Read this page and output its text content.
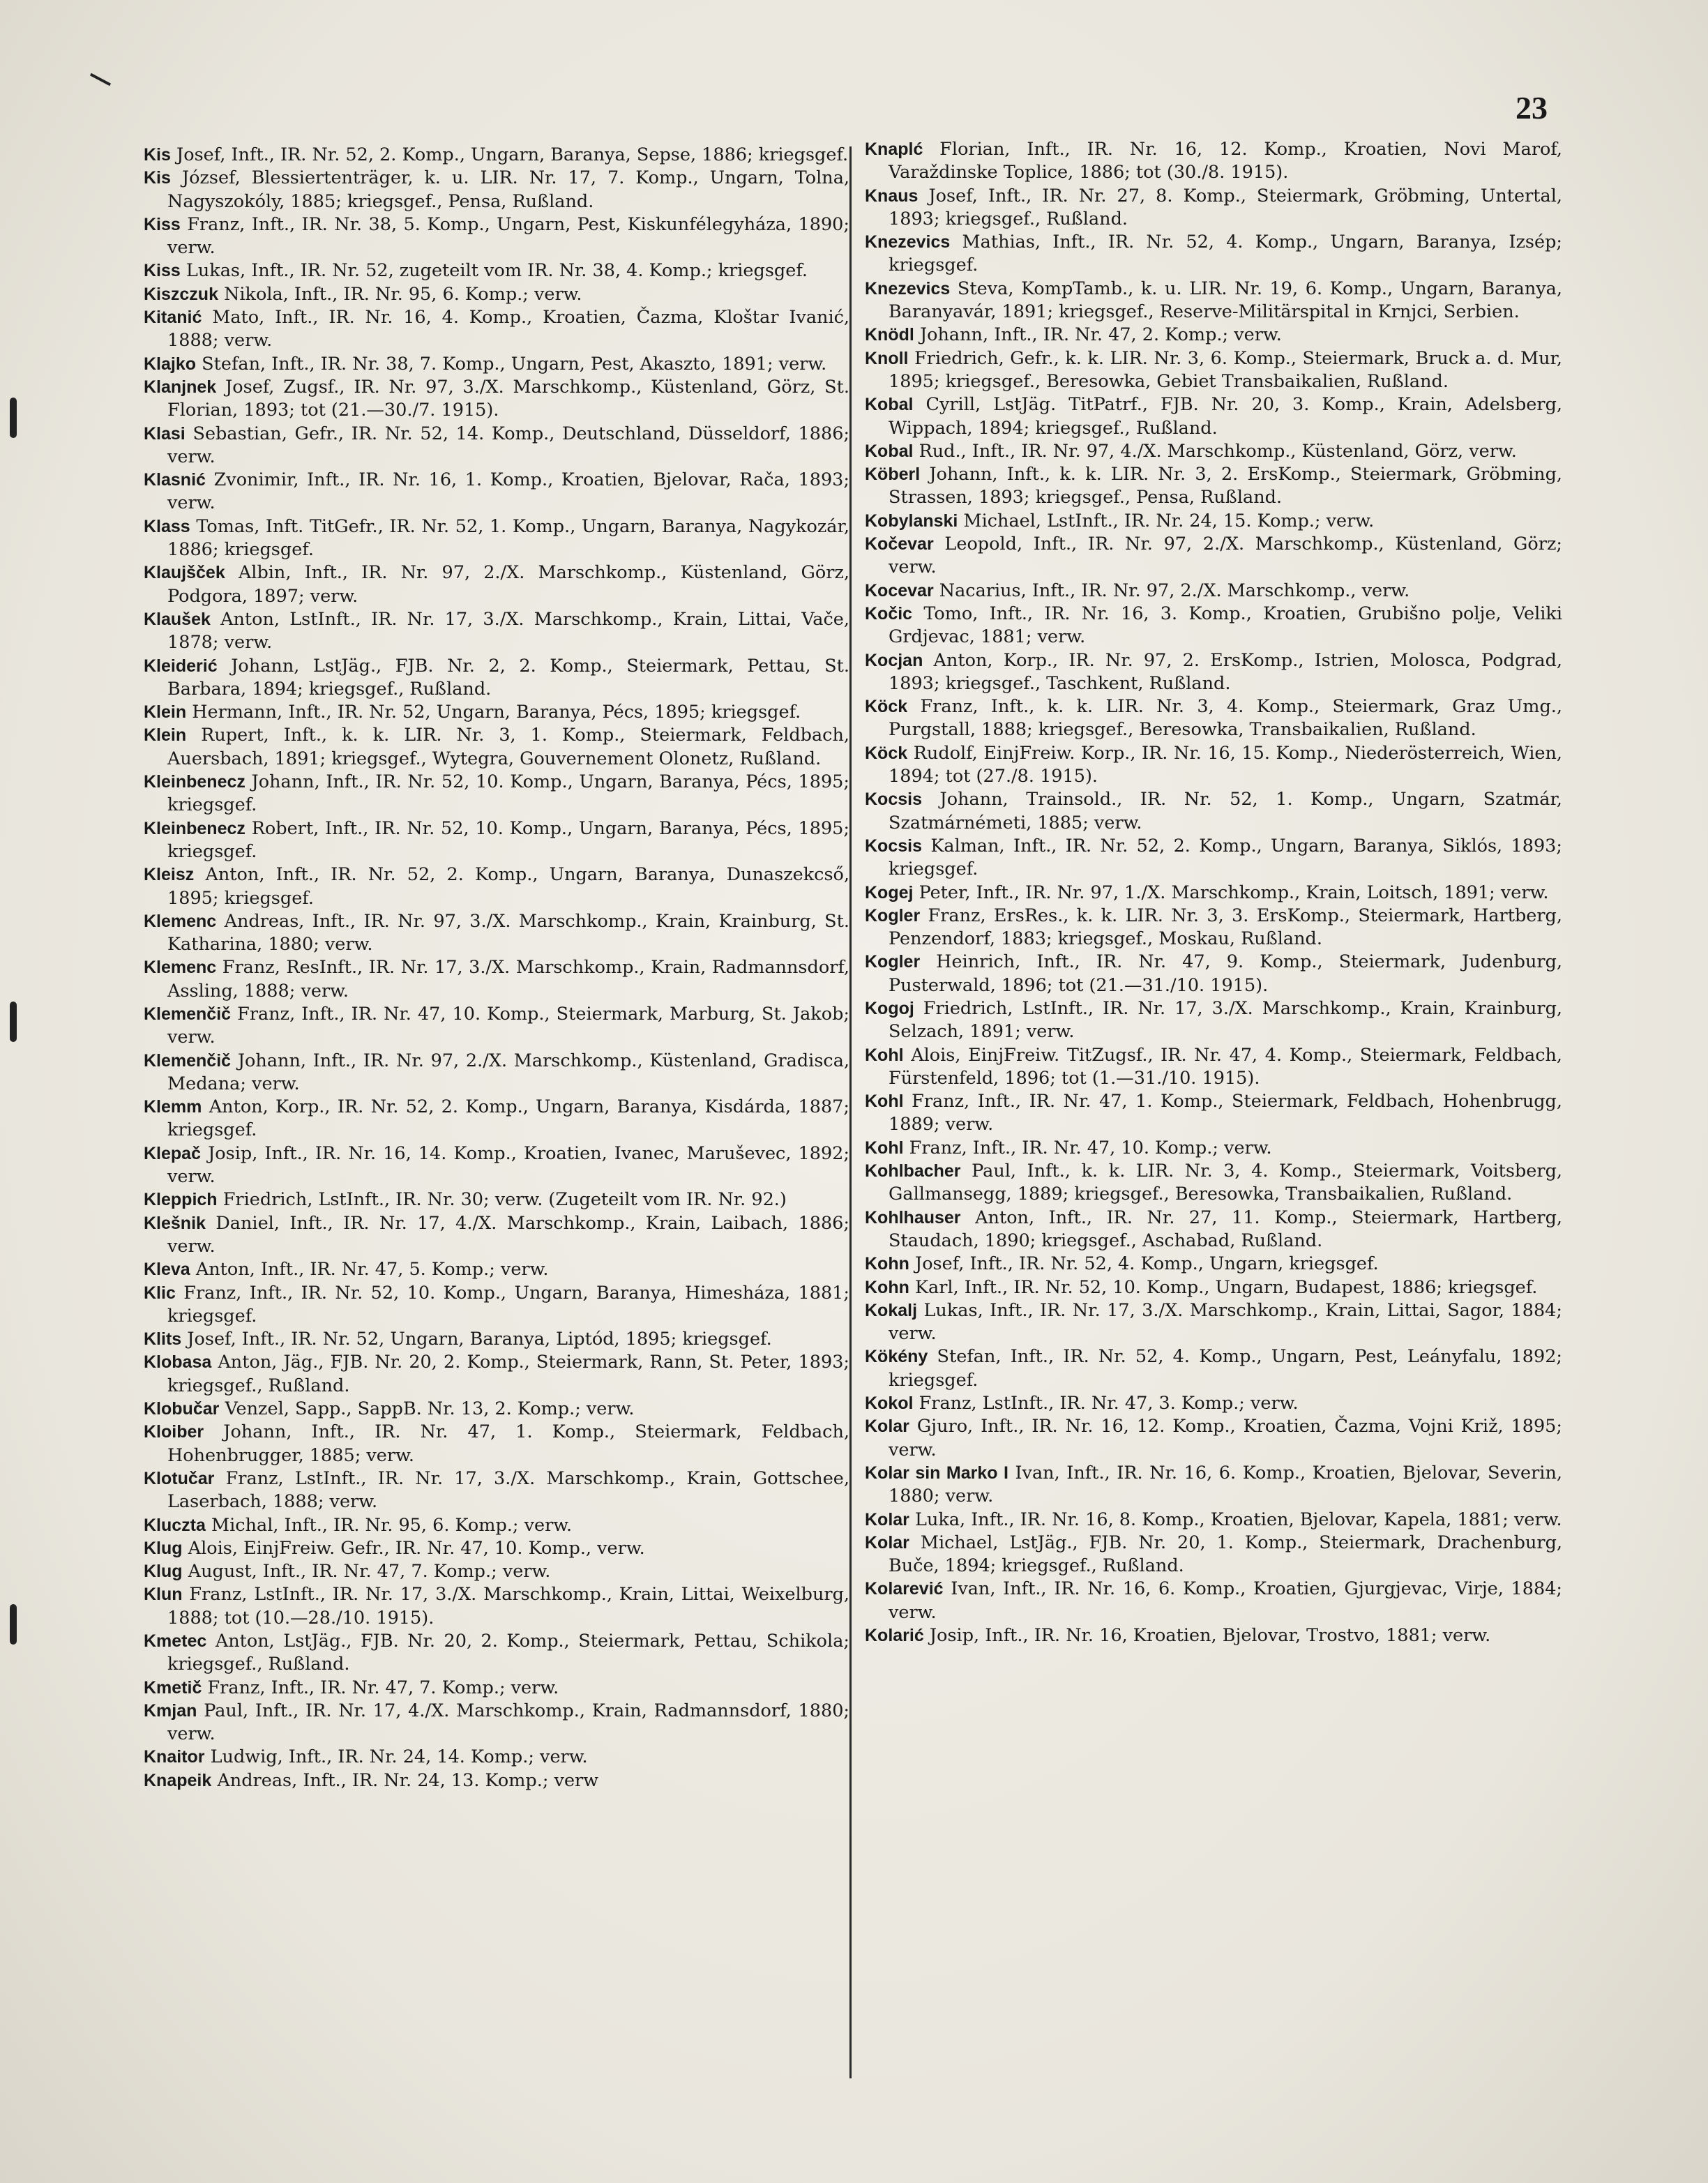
23

Kis Josef, Inft., IR. Nr. 52, 2. Komp., Ungarn, Baranya, Sepse, 1886; kriegsgef.

Kis József, Blessiertenträger, k. u. LIR. Nr. 17, 7. Komp., Ungarn, Tolna, Nagyszokóly, 1885; kriegsgef., Pensa, Rußland.

Kiss Franz, Inft., IR. Nr. 38, 5. Komp., Ungarn, Pest, Kiskunfélegyháza, 1890; verw.

Kiss Lukas, Inft., IR. Nr. 52, zugeteilt vom IR. Nr. 38, 4. Komp.; kriegsgef.

Kiszczuk Nikola, Inft., IR. Nr. 95, 6. Komp.; verw.

Kitanić Mato, Inft., IR. Nr. 16, 4. Komp., Kroatien, Čazma, Kloštar Ivanić, 1888; verw.

Klajko Stefan, Inft., IR. Nr. 38, 7. Komp., Ungarn, Pest, Akaszto, 1891; verw.

Klanjnek Josef, Zugsf., IR. Nr. 97, 3./X. Marschkomp., Küstenland, Görz, St. Florian, 1893; tot (21.—30./7. 1915).

Klasi Sebastian, Gefr., IR. Nr. 52, 14. Komp., Deutschland, Düsseldorf, 1886; verw.

Klasnić Zvonimir, Inft., IR. Nr. 16, 1. Komp., Kroatien, Bjelovar, Rača, 1893; verw.

Klass Tomas, Inft. TitGefr., IR. Nr. 52, 1. Komp., Ungarn, Baranya, Nagykozár, 1886; kriegsgef.

Klaujšček Albin, Inft., IR. Nr. 97, 2./X. Marschkomp., Küstenland, Görz, Podgora, 1897; verw.

Klaušek Anton, LstInft., IR. Nr. 17, 3./X. Marschkomp., Krain, Littai, Vače, 1878; verw.

Kleiderić Johann, LstJäg., FJB. Nr. 2, 2. Komp., Steiermark, Pettau, St. Barbara, 1894; kriegsgef., Rußland.

Klein Hermann, Inft., IR. Nr. 52, Ungarn, Baranya, Pécs, 1895; kriegsgef.

Klein Rupert, Inft., k. k. LIR. Nr. 3, 1. Komp., Steiermark, Feldbach, Auersbach, 1891; kriegsgef., Wytegra, Gouvernement Olonetz, Rußland.

Kleinbenecz Johann, Inft., IR. Nr. 52, 10. Komp., Ungarn, Baranya, Pécs, 1895; kriegsgef.

Kleinbenecz Robert, Inft., IR. Nr. 52, 10. Komp., Ungarn, Baranya, Pécs, 1895; kriegsgef.

Kleisz Anton, Inft., IR. Nr. 52, 2. Komp., Ungarn, Baranya, Dunaszekcső, 1895; kriegsgef.

Klemenc Andreas, Inft., IR. Nr. 97, 3./X. Marschkomp., Krain, Krainburg, St. Katharina, 1880; verw.

Klemenc Franz, ResInft., IR. Nr. 17, 3./X. Marschkomp., Krain, Radmannsdorf, Assling, 1888; verw.

Klemenčič Franz, Inft., IR. Nr. 47, 10. Komp., Steiermark, Marburg, St. Jakob; verw.

Klemenčič Johann, Inft., IR. Nr. 97, 2./X. Marschkomp., Küstenland, Gradisca, Medana; verw.

Klemm Anton, Korp., IR. Nr. 52, 2. Komp., Ungarn, Baranya, Kisdárda, 1887; kriegsgef.

Klepač Josip, Inft., IR. Nr. 16, 14. Komp., Kroatien, Ivanec, Maruševec, 1892; verw.

Kleppich Friedrich, LstInft., IR. Nr. 30; verw. (Zugeteilt vom IR. Nr. 92.)

Klešnik Daniel, Inft., IR. Nr. 17, 4./X. Marschkomp., Krain, Laibach, 1886; verw.

Kleva Anton, Inft., IR. Nr. 47, 5. Komp.; verw.

Klic Franz, Inft., IR. Nr. 52, 10. Komp., Ungarn, Baranya, Himesháza, 1881; kriegsgef.

Klits Josef, Inft., IR. Nr. 52, Ungarn, Baranya, Liptód, 1895; kriegsgef.

Klobasa Anton, Jäg., FJB. Nr. 20, 2. Komp., Steiermark, Rann, St. Peter, 1893; kriegsgef., Rußland.

Klobučar Venzel, Sapp., SappB. Nr. 13, 2. Komp.; verw.

Kloiber Johann, Inft., IR. Nr. 47, 1. Komp., Steiermark, Feldbach, Hohenbrugger, 1885; verw.

Klotučar Franz, LstInft., IR. Nr. 17, 3./X. Marschkomp., Krain, Gottschee, Laserbach, 1888; verw.

Kluczta Michal, Inft., IR. Nr. 95, 6. Komp.; verw.

Klug Alois, EinjFreiw. Gefr., IR. Nr. 47, 10. Komp., verw.

Klug August, Inft., IR. Nr. 47, 7. Komp.; verw.

Klun Franz, LstInft., IR. Nr. 17, 3./X. Marschkomp., Krain, Littai, Weixelburg, 1888; tot (10.—28./10. 1915).

Kmetec Anton, LstJäg., FJB. Nr. 20, 2. Komp., Steiermark, Pettau, Schikola; kriegsgef., Rußland.

Kmetič Franz, Inft., IR. Nr. 47, 7. Komp.; verw.

Kmjan Paul, Inft., IR. Nr. 17, 4./X. Marschkomp., Krain, Radmannsdorf, 1880; verw.

Knaitor Ludwig, Inft., IR. Nr. 24, 14. Komp.; verw.

Knapeik Andreas, Inft., IR. Nr. 24, 13. Komp.; verw

Knaplć Florian, Inft., IR. Nr. 16, 12. Komp., Kroatien, Novi Marof, Varaždinske Toplice, 1886; tot (30./8. 1915).

Knaus Josef, Inft., IR. Nr. 27, 8. Komp., Steiermark, Gröbming, Untertal, 1893; kriegsgef., Rußland.

Knezevics Mathias, Inft., IR. Nr. 52, 4. Komp., Ungarn, Baranya, Izsép; kriegsgef.

Knezevics Steva, KompTamb., k. u. LIR. Nr. 19, 6. Komp., Ungarn, Baranya, Baranyavár, 1891; kriegsgef., Reserve-Militärspital in Krnjci, Serbien.

Knödl Johann, Inft., IR. Nr. 47, 2. Komp.; verw.

Knoll Friedrich, Gefr., k. k. LIR. Nr. 3, 6. Komp., Steiermark, Bruck a. d. Mur, 1895; kriegsgef., Beresowka, Gebiet Transbaikalien, Rußland.

Kobal Cyrill, LstJäg. TitPatrf., FJB. Nr. 20, 3. Komp., Krain, Adelsberg, Wippach, 1894; kriegsgef., Rußland.

Kobal Rud., Inft., IR. Nr. 97, 4./X. Marschkomp., Küstenland, Görz, verw.

Köberl Johann, Inft., k. k. LIR. Nr. 3, 2. ErsKomp., Steiermark, Gröbming, Strassen, 1893; kriegsgef., Pensa, Rußland.

Kobylanski Michael, LstInft., IR. Nr. 24, 15. Komp.; verw.

Kočevar Leopold, Inft., IR. Nr. 97, 2./X. Marschkomp., Küstenland, Görz; verw.

Kocevar Nacarius, Inft., IR. Nr. 97, 2./X. Marschkomp., verw.

Kočic Tomo, Inft., IR. Nr. 16, 3. Komp., Kroatien, Grubišno polje, Veliki Grdjevac, 1881; verw.

Kocjan Anton, Korp., IR. Nr. 97, 2. ErsKomp., Istrien, Molosca, Podgrad, 1893; kriegsgef., Taschkent, Rußland.

Köck Franz, Inft., k. k. LIR. Nr. 3, 4. Komp., Steiermark, Graz Umg., Purgstall, 1888; kriegsgef., Beresowka, Transbaikalien, Rußland.

Köck Rudolf, EinjFreiw. Korp., IR. Nr. 16, 15. Komp., Niederösterreich, Wien, 1894; tot (27./8. 1915).

Kocsis Johann, Trainsold., IR. Nr. 52, 1. Komp., Ungarn, Szatmár, Szatmárnémeti, 1885; verw.

Kocsis Kalman, Inft., IR. Nr. 52, 2. Komp., Ungarn, Baranya, Siklós, 1893; kriegsgef.

Kogej Peter, Inft., IR. Nr. 97, 1./X. Marschkomp., Krain, Loitsch, 1891; verw.

Kogler Franz, ErsRes., k. k. LIR. Nr. 3, 3. ErsKomp., Steiermark, Hartberg, Penzendorf, 1883; kriegsgef., Moskau, Rußland.

Kogler Heinrich, Inft., IR. Nr. 47, 9. Komp., Steiermark, Judenburg, Pusterwald, 1896; tot (21.—31./10. 1915).

Kogoj Friedrich, LstInft., IR. Nr. 17, 3./X. Marschkomp., Krain, Krainburg, Selzach, 1891; verw.

Kohl Alois, EinjFreiw. TitZugsf., IR. Nr. 47, 4. Komp., Steiermark, Feldbach, Fürstenfeld, 1896; tot (1.—31./10. 1915).

Kohl Franz, Inft., IR. Nr. 47, 1. Komp., Steiermark, Feldbach, Hohenbrugg, 1889; verw.

Kohl Franz, Inft., IR. Nr. 47, 10. Komp.; verw.

Kohlbacher Paul, Inft., k. k. LIR. Nr. 3, 4. Komp., Steiermark, Voitsberg, Gallmansegg, 1889; kriegsgef., Beresowka, Transbaikalien, Rußland.

Kohlhauser Anton, Inft., IR. Nr. 27, 11. Komp., Steiermark, Hartberg, Staudach, 1890; kriegsgef., Aschabad, Rußland.

Kohn Josef, Inft., IR. Nr. 52, 4. Komp., Ungarn, kriegsgef.

Kohn Karl, Inft., IR. Nr. 52, 10. Komp., Ungarn, Budapest, 1886; kriegsgef.

Kokalj Lukas, Inft., IR. Nr. 17, 3./X. Marschkomp., Krain, Littai, Sagor, 1884; verw.

Kökény Stefan, Inft., IR. Nr. 52, 4. Komp., Ungarn, Pest, Leányfalu, 1892; kriegsgef.

Kokol Franz, LstInft., IR. Nr. 47, 3. Komp.; verw.

Kolar Gjuro, Inft., IR. Nr. 16, 12. Komp., Kroatien, Čazma, Vojni Križ, 1895; verw.

Kolar sin Marko I Ivan, Inft., IR. Nr. 16, 6. Komp., Kroatien, Bjelovar, Severin, 1880; verw.

Kolar Luka, Inft., IR. Nr. 16, 8. Komp., Kroatien, Bjelovar, Kapela, 1881; verw.

Kolar Michael, LstJäg., FJB. Nr. 20, 1. Komp., Steiermark, Drachenburg, Buče, 1894; kriegsgef., Rußland.

Kolarević Ivan, Inft., IR. Nr. 16, 6. Komp., Kroatien, Gjurgjevac, Virje, 1884; verw.

Kolarić Josip, Inft., IR. Nr. 16, Kroatien, Bjelovar, Trostvo, 1881; verw.
